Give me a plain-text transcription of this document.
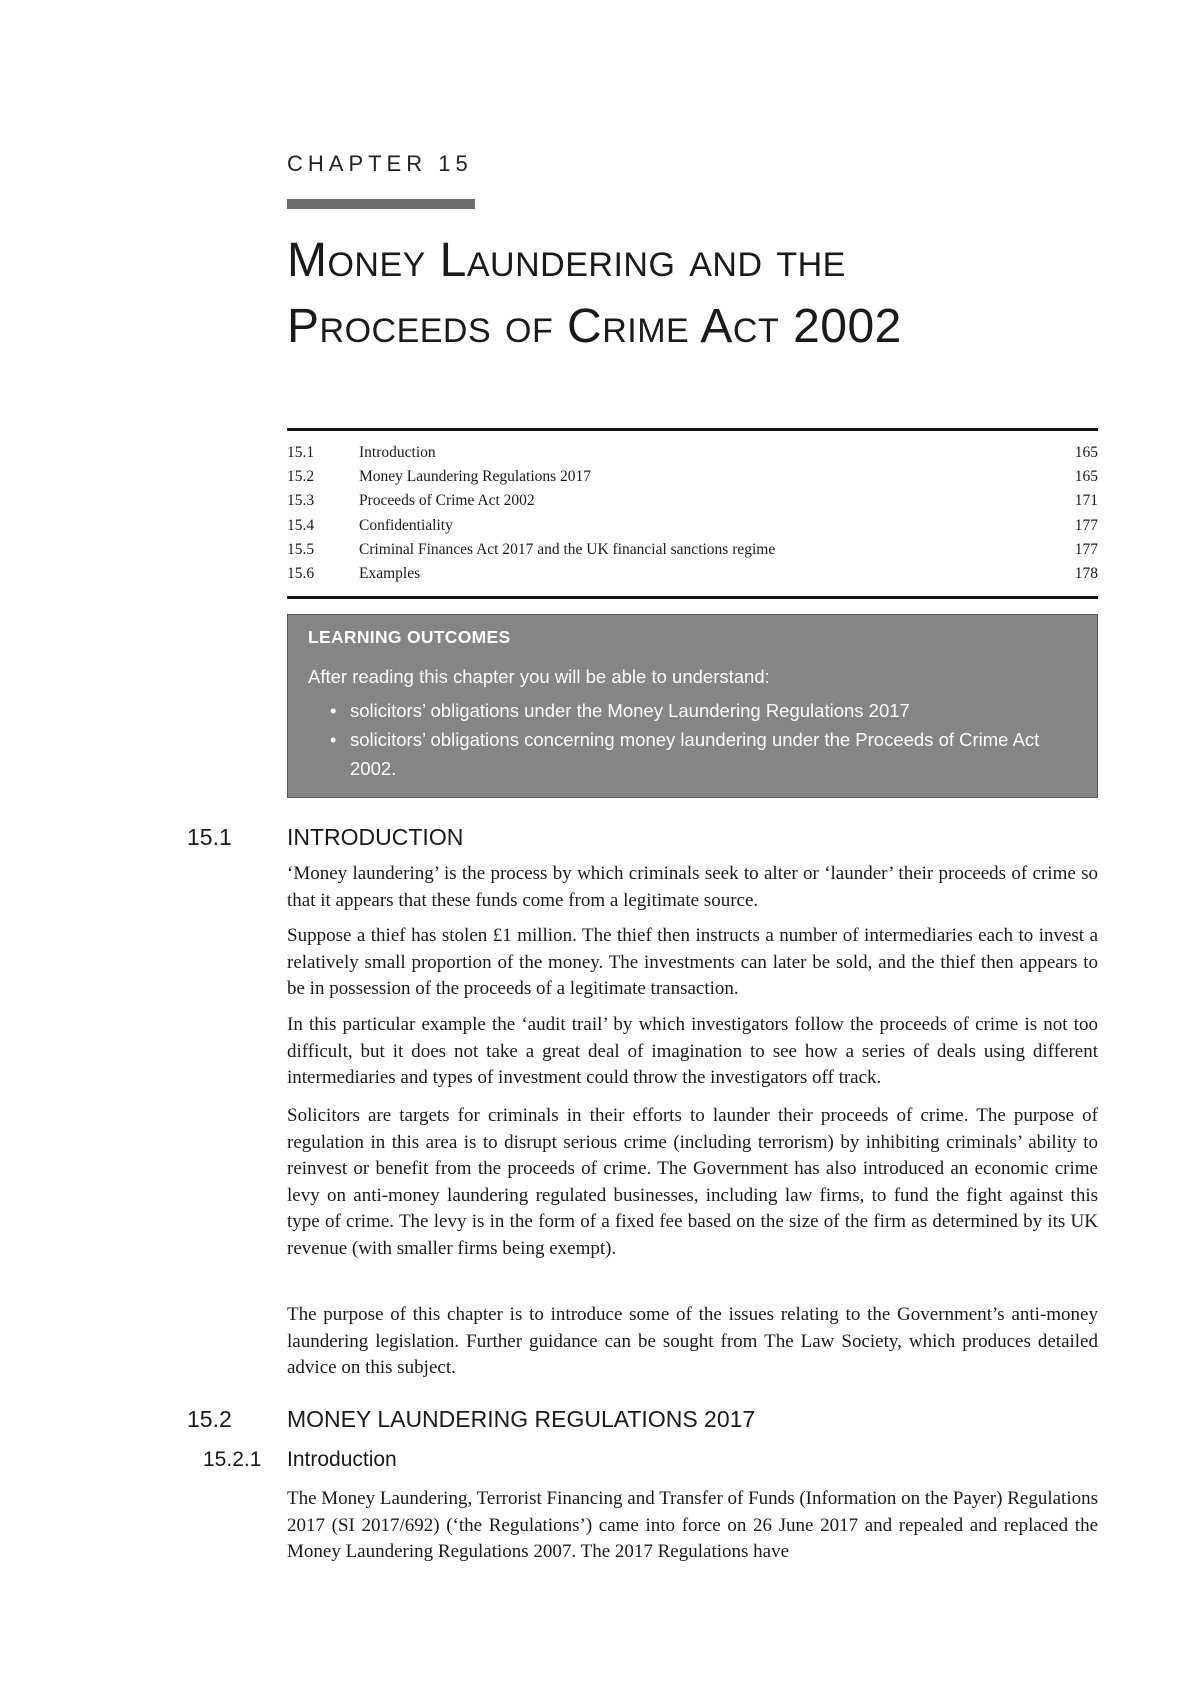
CHAPTER 15
Money Laundering and the
Proceeds of Crime Act 2002
15.1	Introduction	165
15.2	Money Laundering Regulations 2017	165
15.3	Proceeds of Crime Act 2002	171
15.4	Confidentiality	177
15.5	Criminal Finances Act 2017 and the UK financial sanctions regime	177
15.6	Examples	178
LEARNING OUTCOMES
After reading this chapter you will be able to understand:
• solicitors’ obligations under the Money Laundering Regulations 2017
• solicitors’ obligations concerning money laundering under the Proceeds of Crime Act 2002.
15.1 INTRODUCTION
‘Money laundering’ is the process by which criminals seek to alter or ‘launder’ their proceeds of crime so that it appears that these funds come from a legitimate source.
Suppose a thief has stolen £1 million. The thief then instructs a number of intermediaries each to invest a relatively small proportion of the money. The investments can later be sold, and the thief then appears to be in possession of the proceeds of a legitimate transaction.
In this particular example the ‘audit trail’ by which investigators follow the proceeds of crime is not too difficult, but it does not take a great deal of imagination to see how a series of deals using different intermediaries and types of investment could throw the investigators off track.
Solicitors are targets for criminals in their efforts to launder their proceeds of crime. The purpose of regulation in this area is to disrupt serious crime (including terrorism) by inhibiting criminals’ ability to reinvest or benefit from the proceeds of crime. The Government has also introduced an economic crime levy on anti-money laundering regulated businesses, including law firms, to fund the fight against this type of crime. The levy is in the form of a fixed fee based on the size of the firm as determined by its UK revenue (with smaller firms being exempt).
The purpose of this chapter is to introduce some of the issues relating to the Government’s anti-money laundering legislation. Further guidance can be sought from The Law Society, which produces detailed advice on this subject.
15.2 MONEY LAUNDERING REGULATIONS 2017
15.2.1 Introduction
The Money Laundering, Terrorist Financing and Transfer of Funds (Information on the Payer) Regulations 2017 (SI 2017/692) (‘the Regulations’) came into force on 26 June 2017 and repealed and replaced the Money Laundering Regulations 2007. The 2017 Regulations have
